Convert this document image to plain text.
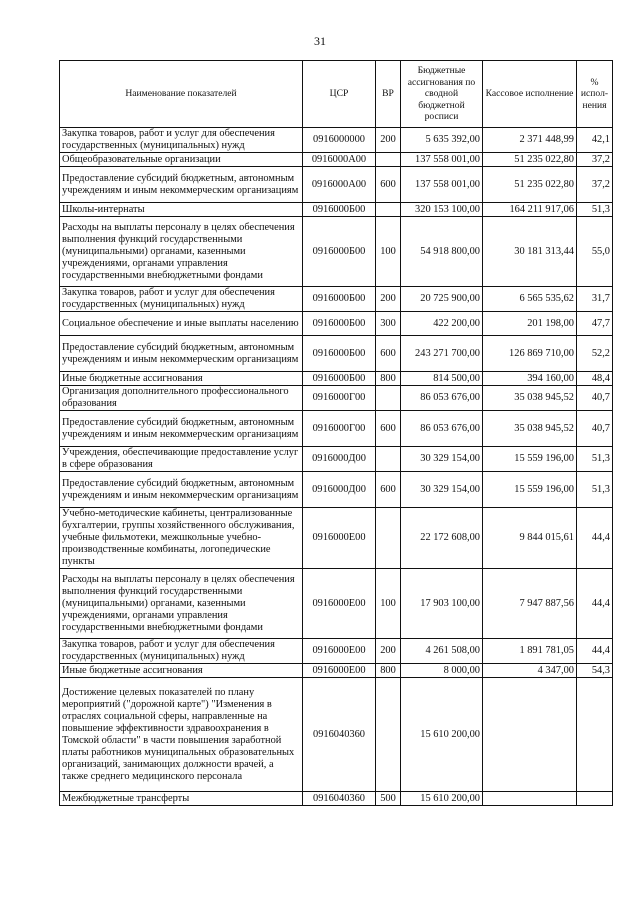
31
Наименование показателей	ЦСР	ВР	Бюджетные ассигнования по сводной бюджетной росписи	Кассовое исполнение	% испол-нения
Закупка товаров, работ и услуг для обеспечения государственных (муниципальных) нужд	0916000000	200	5 635 392,00	2 371 448,99	42,1
Общеобразовательные организации	0916000А00		137 558 001,00	51 235 022,80	37,2
Предоставление субсидий бюджетным, автономным учреждениям и иным некоммерческим организациям	0916000А00	600	137 558 001,00	51 235 022,80	37,2
Школы-интернаты	0916000Б00		320 153 100,00	164 211 917,06	51,3
Расходы на выплаты персоналу в целях обеспечения выполнения функций государственными (муниципальными) органами, казенными учреждениями, органами управления государственными внебюджетными фондами	0916000Б00	100	54 918 800,00	30 181 313,44	55,0
Закупка товаров, работ и услуг для обеспечения государственных (муниципальных) нужд	0916000Б00	200	20 725 900,00	6 565 535,62	31,7
Социальное обеспечение и иные выплаты населению	0916000Б00	300	422 200,00	201 198,00	47,7
Предоставление субсидий бюджетным, автономным учреждениям и иным некоммерческим организациям	0916000Б00	600	243 271 700,00	126 869 710,00	52,2
Иные бюджетные ассигнования	0916000Б00	800	814 500,00	394 160,00	48,4
Организация дополнительного профессионального образования	0916000Г00		86 053 676,00	35 038 945,52	40,7
Предоставление субсидий бюджетным, автономным учреждениям и иным некоммерческим организациям	0916000Г00	600	86 053 676,00	35 038 945,52	40,7
Учреждения, обеспечивающие предоставление услуг в сфере образования	0916000Д00		30 329 154,00	15 559 196,00	51,3
Предоставление субсидий бюджетным, автономным учреждениям и иным некоммерческим организациям	0916000Д00	600	30 329 154,00	15 559 196,00	51,3
Учебно-методические кабинеты, централизованные бухгалтерии, группы хозяйственного обслуживания, учебные фильмотеки, межшкольные учебно-производственные комбинаты, логопедические пункты	0916000Е00		22 172 608,00	9 844 015,61	44,4
Расходы на выплаты персоналу в целях обеспечения выполнения функций государственными (муниципальными) органами, казенными учреждениями, органами управления государственными внебюджетными фондами	0916000Е00	100	17 903 100,00	7 947 887,56	44,4
Закупка товаров, работ и услуг для обеспечения государственных (муниципальных) нужд	0916000Е00	200	4 261 508,00	1 891 781,05	44,4
Иные бюджетные ассигнования	0916000Е00	800	8 000,00	4 347,00	54,3
Достижение целевых показателей по плану мероприятий ("дорожной карте") "Изменения в отраслях социальной сферы, направленные на повышение эффективности здравоохранения в Томской области" в части повышения заработной платы работников муниципальных образовательных организаций, занимающих должности врачей, а также среднего медицинского персонала	0916040360		15 610 200,00		
Межбюджетные трансферты	0916040360	500	15 610 200,00		
